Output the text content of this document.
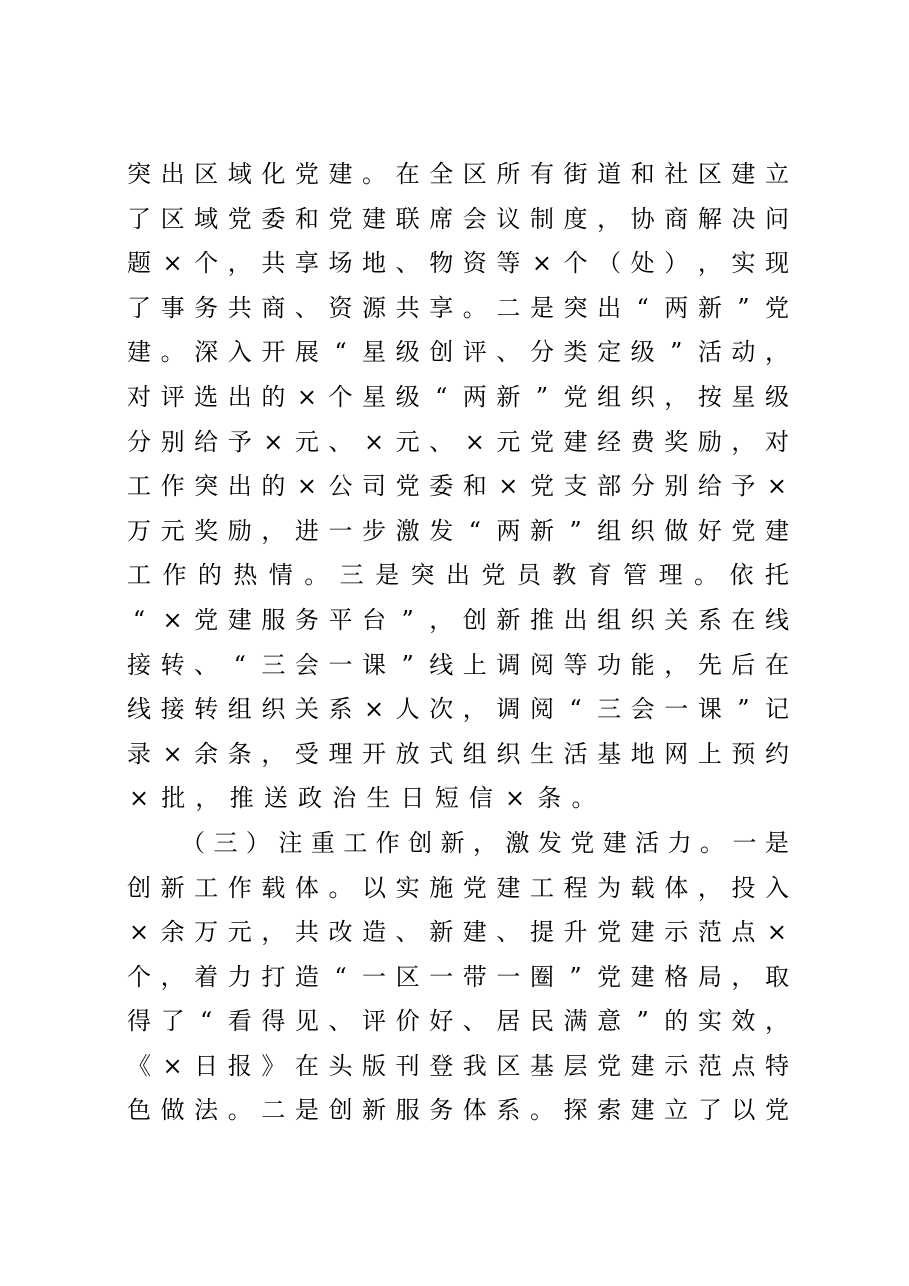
突 出 区 域 化 党 建 。 在 全 区 所 有 街 道 和 社 区 建 立
了 区 域 党 委 和 党 建 联 席 会 议 制 度 ， 协 商 解 决 问
题 × 个 ， 共 享 场 地 、 物 资 等 × 个 （ 处 ） ， 实 现
了 事 务 共 商 、 资 源 共 享 。 二 是 突 出 “ 两 新 ” 党
建 。 深 入 开 展 “ 星 级 创 评 、 分 类 定 级 ” 活 动 ，
对 评 选 出 的 × 个 星 级 “ 两 新 ” 党 组 织 ， 按 星 级
分 别 给 予 × 元 、 × 元 、 × 元 党 建 经 费 奖 励 ， 对
工 作 突 出 的 × 公 司 党 委 和 × 党 支 部 分 别 给 予 ×
万 元 奖 励 ， 进 一 步 激 发 “ 两 新 ” 组 织 做 好 党 建
工 作 的 热 情 。 三 是 突 出 党 员 教 育 管 理 。 依 托
“ × 党 建 服 务 平 台 ” ， 创 新 推 出 组 织 关 系 在 线
接 转 、 “ 三 会 一 课 ” 线 上 调 阅 等 功 能 ， 先 后 在
线 接 转 组 织 关 系 × 人 次 ， 调 阅 “ 三 会 一 课 ” 记
录 × 余 条 ， 受 理 开 放 式 组 织 生 活 基 地 网 上 预 约
× 批 ， 推 送 政 治 生 日 短 信 × 条 。
（ 三 ） 注 重 工 作 创 新 ， 激 发 党 建 活 力 。 一 是
创 新 工 作 载 体 。 以 实 施 党 建 工 程 为 载 体 ， 投 入
× 余 万 元 ， 共 改 造 、 新 建 、 提 升 党 建 示 范 点 ×
个 ， 着 力 打 造 “ 一 区 一 带 一 圈 ” 党 建 格 局 ， 取
得 了 “ 看 得 见 、 评 价 好 、 居 民 满 意 ” 的 实 效 ，
《 × 日 报 》 在 头 版 刊 登 我 区 基 层 党 建 示 范 点 特
色 做 法 。 二 是 创 新 服 务 体 系 。 探 索 建 立 了 以 党
